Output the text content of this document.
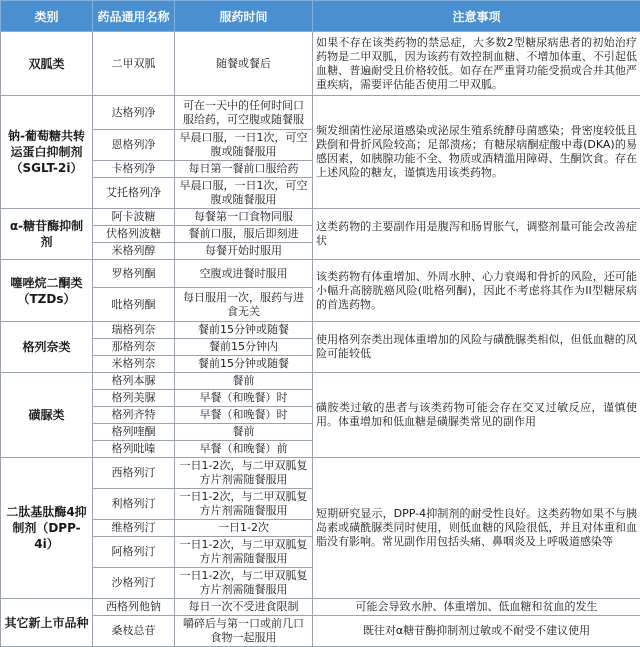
类别	药品通用名称	服药时间	注意事项
双胍类	二甲双胍	随餐或餐后	如果不存在该类药物的禁忌症，大多数2型糖尿病患者的初始治疗药物是二甲双胍，因为该药有效控制血糖、不增加体重、不引起低血糖、普遍耐受且价格较低。如存在严重肾功能受损或合并其他严重疾病，需要评估能否使用二甲双胍。
钠-葡萄糖共转运蛋白抑制剂（SGLT-2i）	达格列净	可在一天中的任何时间口服给药，可空腹或随餐服	频发细菌性泌尿道感染或泌尿生殖系统酵母菌感染；骨密度较低且跌倒和骨折风险较高；足部溃疡；有糖尿病酮症酸中毒(DKA)的易感因素，如胰腺功能不全、物质或酒精滥用障碍、生酮饮食。存在上述风险的糖友，谨慎选用该类药物。
	恩格列净	早晨口服，一日1次，可空腹或随餐服用	
	卡格列净	每日第一餐前口服给药	
	艾托格列净	早晨口服，一日1次，可空腹或随餐服用	
α-糖苷酶抑制剂	阿卡波糖	每餐第一口食物同服	这类药物的主要副作用是腹泻和肠胃胀气，调整剂量可能会改善症状
	伏格列波糖	餐前口服，服后即刻进	
	米格列醇	每餐开始时服用	
噻唑烷二酮类（TZDs）	罗格列酮	空腹或进餐时服用	该类药物有体重增加、外周水肿、心力衰竭和骨折的风险，还可能小幅升高膀胱癌风险(吡格列酮)，因此不考虑将其作为II型糖尿病的首选药物。
	吡格列酮	每日服用一次，服药与进食无关	
格列奈类	瑞格列奈	餐前15分钟或随餐	使用格列奈类出现体重增加的风险与磺酰脲类相似，但低血糖的风险可能较低
	那格列奈	餐前15分钟内	
	米格列奈	餐前15分钟或随餐	
磺脲类	格列本脲	餐前	磺胺类过敏的患者与该类药物可能会存在交叉过敏反应，谨慎使用。体重增加和低血糖是磺脲类常见的副作用
	格列美脲	早餐（和晚餐）时	
	格列齐特	早餐（和晚餐）时	
	格列喹酮	餐前	
	格列吡嗪	早餐（和晚餐）前	
二肽基肽酶4抑制剂（DPP-4i）	西格列汀	一日1-2次，与二甲双胍复方片剂需随餐服用	短期研究显示，DPP-4抑制剂的耐受性良好。这类药物如果不与胰岛素或磺酰脲类同时使用，则低血糖的风险很低，并且对体重和血脂没有影响。常见副作用包括头痛、鼻咽炎及上呼吸道感染等
	利格列汀	一日1-2次，与二甲双胍复方片剂需随餐服用	
	维格列汀	一日1-2次	
	阿格列汀	一日1-2次，与二甲双胍复方片剂需随餐服用	
	沙格列汀	一日1-2次，与二甲双胍复方片剂需随餐服用	
其它新上市品种	西格列他钠	每日一次不受进食限制	可能会导致水肿、体重增加、低血糖和贫血的发生
	桑枝总苷	嚼碎后与第一口或前几口食物一起服用	既往对α糖苷酶抑制剂过敏或不耐受不建议使用
